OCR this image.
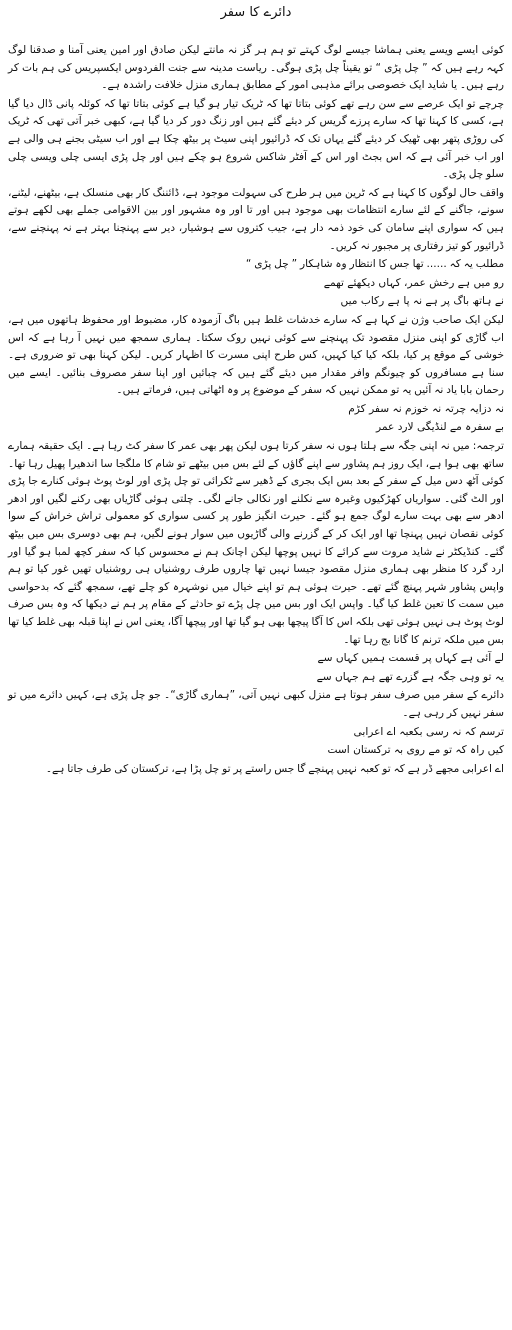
دائرے کا سفر

کوئی ایسے ویسے یعنی ہماشا جیسے لوگ کہتے تو ہم ہر گز نہ مانتے لیکن صادق اور امین یعنی آمنا و صدقنا لوگ کہہ رہے ہیں کہ ” چل پڑی “ تو یقیناً چل پڑی ہوگی۔ ریاست مدینہ سے جنت الفردوس ایکسپریس کی ہم بات کر رہے ہیں۔ یا شاید ایک خصوصی برائے مذہبی امور کے مطابق ہماری منزل خلافت راشدہ ہے۔

چرچے تو ایک عرصے سے سن رہے تھے کوئی بتاتا تھا کہ ٹریک تیار ہو گیا ہے کوئی بتاتا تھا کہ کوئلہ پانی ڈال دیا گیا ہے، کسی کا کہنا تھا کہ سارے پرزے گریس کر دیئے گئے ہیں اور زنگ دور کر دیا گیا ہے، کبھی خبر آتی تھی کہ ٹریک کی روڑی پتھر بھی ٹھیک کر دیئے گئے یہاں تک کہ ڈرائیور اپنی سیٹ پر بیٹھ چکا ہے اور اب سیٹی بجنے ہی والی ہے اور اب خبر آئی ہے کہ اس بجٹ اور اس کے آفٹر شاکس شروع ہو چکے ہیں اور چل پڑی ایسی چلی ویسی چلی سلو چل پڑی۔

واقف حال لوگوں کا کہنا ہے کہ ٹرین میں ہر طرح کی سہولت موجود ہے، ڈائننگ کار بھی منسلک ہے، بیٹھنے، لیٹنے، سونے، جاگنے کے لئے سارے انتظامات بھی موجود ہیں اور تا اور وہ مشہور اور بین الاقوامی جملے بھی لکھے ہوتے ہیں کہ سواری اپنے سامان کی خود ذمہ دار ہے، جیب کتروں سے ہوشیار، دیر سے پہنچنا بہتر ہے نہ پہنچنے سے، ڈرائیور کو تیز رفتاری پر مجبور نہ کریں۔

مطلب یہ کہ ...... تھا جس کا انتظار وہ شاہکار ” چل پڑی “

رو میں ہے رخش عمر، کہاں دیکھئے تھمے

نے ہاتھ باگ پر ہے نہ پا ہے رکاب میں

لیکن ایک صاحب وژن نے کہا ہے کہ سارے خدشات غلط ہیں باگ آزمودہ کار، مضبوط اور محفوظ ہاتھوں میں ہے، اب گاڑی کو اپنی منزل مقصود تک پہنچنے سے کوئی نہیں روک سکتا۔ ہماری سمجھ میں نہیں آ رہا ہے کہ اس خوشی کے موقع پر کیا، بلکہ کیا کیا کہیں، کس طرح اپنی مسرت کا اظہار کریں۔ لیکن کہنا بھی تو ضروری ہے۔ سنا ہے مسافروں کو چیونگم وافر مقدار میں دیئے گئے ہیں کہ چبائیں اور اپنا سفر مصروف بنائیں۔ ایسے میں رحمان بابا یاد نہ آئیں یہ تو ممکن نہیں کہ سفر کے موضوع پر وہ اٹھاتی ہیں، فرماتے ہیں۔

نہ دزایہ چرتہ نہ خوزم نہ سفر کڑم

بے سفرہ مے لنڈیگی لارد عمر

ترجمہ: میں نہ اپنی جگہ سے ہلتا ہوں نہ سفر کرتا ہوں لیکن پھر بھی عمر کا سفر کٹ رہا ہے۔ ایک حقیقہ ہمارے ساتھ بھی ہوا ہے، ایک روز ہم پشاور سے اپنے گاؤں کے لئے بس میں بیٹھے تو شام کا ملگجا سا اندھیرا پھیل رہا تھا۔ کوئی آٹھ دس میل کے سفر کے بعد بس ایک بجری کے ڈھیر سے ٹکرائی تو چل پڑی اور لوٹ پوٹ ہوئی کنارے جا پڑی اور الٹ گئی۔ سواریاں کھڑکیوں وغیرہ سے نکلنے اور نکالی جانے لگی۔ چلتی ہوئی گاڑیاں بھی رکنے لگیں اور ادھر ادھر سے بھی بہت سارے لوگ جمع ہو گئے۔ حیرت انگیز طور پر کسی سواری کو معمولی تراش خراش کے سوا کوئی نقصان نہیں پہنچا تھا اور ایک کر کے گزرنے والی گاڑیوں میں سوار ہونے لگیں، ہم بھی دوسری بس میں بیٹھ گئے۔ کنڈیکٹر نے شاید مروت سے کرائے کا نہیں پوچھا لیکن اچانک ہم نے محسوس کیا کہ سفر کچھ لمبا ہو گیا اور ارد گرد کا منظر بھی ہماری منزل مقصود جیسا نہیں تھا چاروں طرف روشنیاں ہی روشنیاں تھیں غور کیا تو ہم واپس پشاور شہر پہنچ گئے تھے۔ حیرت ہوئی ہم تو اپنے خیال میں نوشہرہ کو چلے تھے، سمجھ گئے کہ بدحواسی میں سمت کا تعین غلط کیا گیا۔ واپس ایک اور بس میں چل پڑے تو حادثے کے مقام پر ہم نے دیکھا کہ وہ بس صرف لوٹ پوٹ ہی نہیں ہوئی تھی بلکہ اس کا آگا پیچھا بھی ہو گیا تھا اور پیچھا آگا، یعنی اس نے اپنا قبلہ بھی غلط کیا تھا بس میں ملکہ ترنم کا گانا بج رہا تھا۔

لے آئی ہے کہاں پر قسمت ہمیں کہاں سے

یہ تو وہی جگہ ہے گزرے تھے ہم جہاں سے

دائرے کے سفر میں صرف سفر ہوتا ہے منزل کبھی نہیں آتی، ”ہماری گاڑی“۔ جو چل پڑی ہے، کہیں دائرے میں تو سفر نہیں کر رہی ہے۔

ترسم کہ نہ رسی بکعبہ اے اعرابی

کیں راہ کہ تو مے روی بہ ترکستان است

اے اعرابی مجھے ڈر ہے کہ تو کعبہ نہیں پہنچے گا جس راستے پر تو چل پڑا ہے، ترکستان کی طرف جاتا ہے۔
